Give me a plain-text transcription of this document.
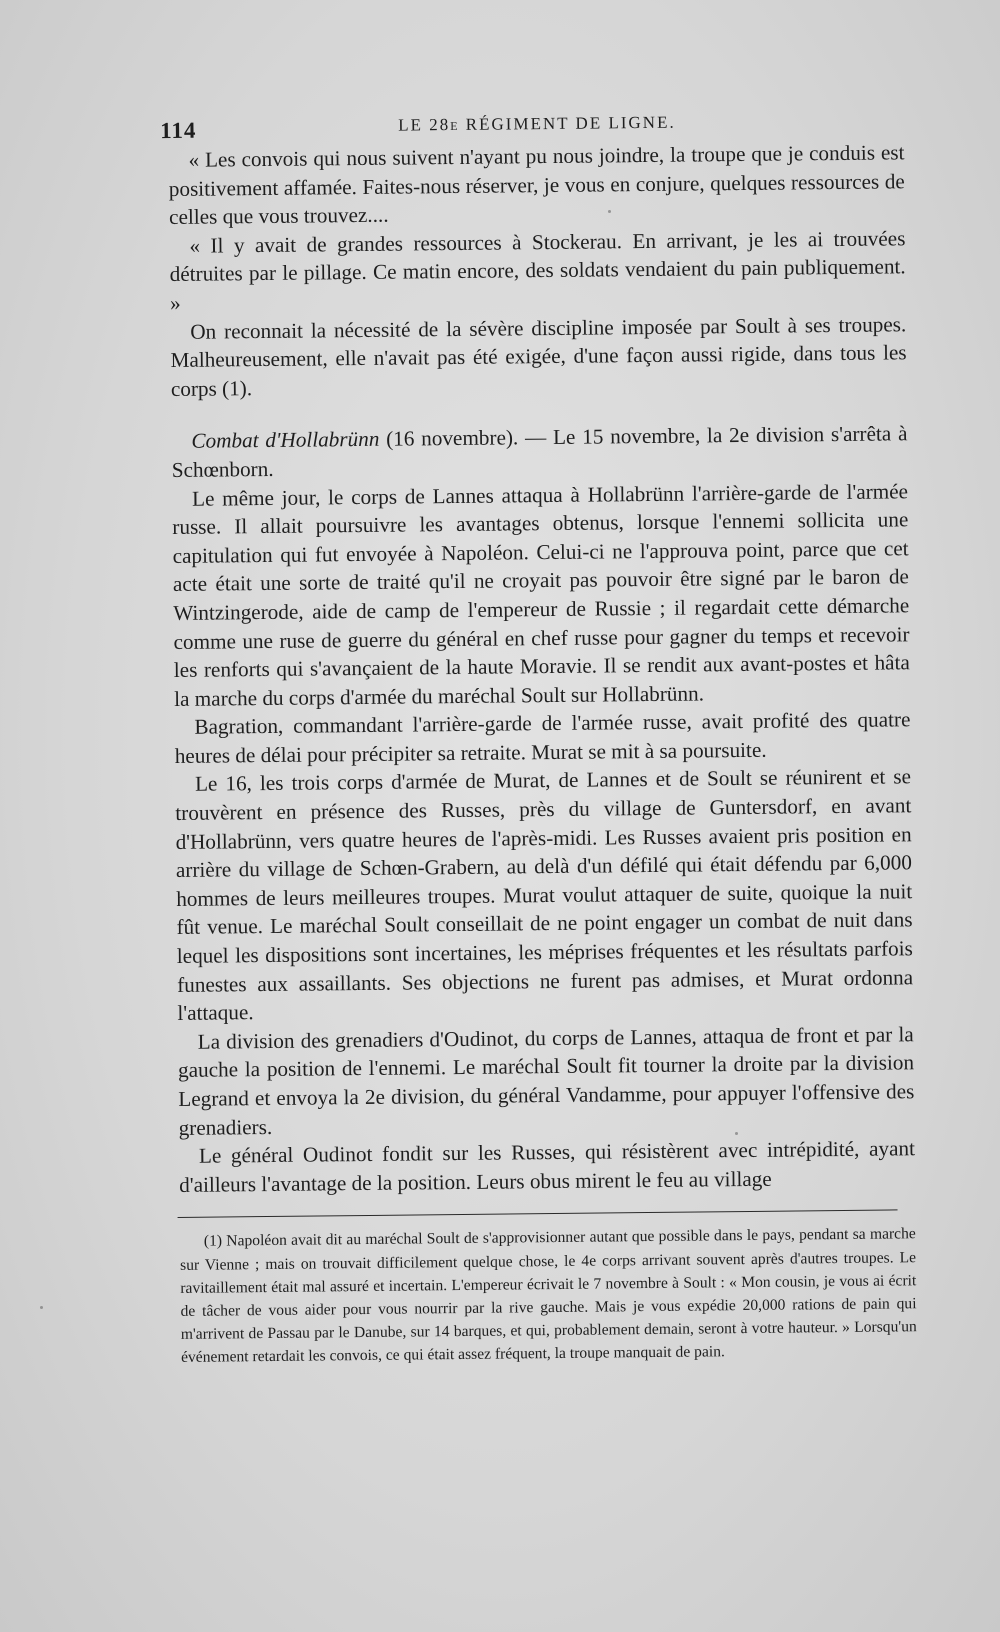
114	LE 28e RÉGIMENT DE LIGNE.

« Les convois qui nous suivent n'ayant pu nous joindre, la troupe que je conduis est positivement affamée. Faites-nous réserver, je vous en conjure, quelques ressources de celles que vous trouvez....

« Il y avait de grandes ressources à Stockerau. En arrivant, je les ai trouvées détruites par le pillage. Ce matin encore, des soldats vendaient du pain publiquement. »

On reconnait la nécessité de la sévère discipline imposée par Soult à ses troupes. Malheureusement, elle n'avait pas été exigée, d'une façon aussi rigide, dans tous les corps (1).

Combat d'Hollabrünn (16 novembre). — Le 15 novembre, la 2e division s'arrêta à Schœnborn.

Le même jour, le corps de Lannes attaqua à Hollabrünn l'arrière-garde de l'armée russe. Il allait poursuivre les avantages obtenus, lorsque l'ennemi sollicita une capitulation qui fut envoyée à Napoléon. Celui-ci ne l'approuva point, parce que cet acte était une sorte de traité qu'il ne croyait pas pouvoir être signé par le baron de Wintzingerode, aide de camp de l'empereur de Russie ; il regardait cette démarche comme une ruse de guerre du général en chef russe pour gagner du temps et recevoir les renforts qui s'avançaient de la haute Moravie. Il se rendit aux avant-postes et hâta la marche du corps d'armée du maréchal Soult sur Hollabrünn.

Bagration, commandant l'arrière-garde de l'armée russe, avait profité des quatre heures de délai pour précipiter sa retraite. Murat se mit à sa poursuite.

Le 16, les trois corps d'armée de Murat, de Lannes et de Soult se réunirent et se trouvèrent en présence des Russes, près du village de Guntersdorf, en avant d'Hollabrünn, vers quatre heures de l'après-midi. Les Russes avaient pris position en arrière du village de Schœn-Grabern, au delà d'un défilé qui était défendu par 6,000 hommes de leurs meilleures troupes. Murat voulut attaquer de suite, quoique la nuit fût venue. Le maréchal Soult conseillait de ne point engager un combat de nuit dans lequel les dispositions sont incertaines, les méprises fréquentes et les résultats parfois funestes aux assaillants. Ses objections ne furent pas admises, et Murat ordonna l'attaque.

La division des grenadiers d'Oudinot, du corps de Lannes, attaqua de front et par la gauche la position de l'ennemi. Le maréchal Soult fit tourner la droite par la division Legrand et envoya la 2e division, du général Vandamme, pour appuyer l'offensive des grenadiers.

Le général Oudinot fondit sur les Russes, qui résistèrent avec intrépidité, ayant d'ailleurs l'avantage de la position. Leurs obus mirent le feu au village

(1) Napoléon avait dit au maréchal Soult de s'approvisionner autant que possible dans le pays, pendant sa marche sur Vienne ; mais on trouvait difficilement quelque chose, le 4e corps arrivant souvent après d'autres troupes. Le ravitaillement était mal assuré et incertain. L'empereur écrivait le 7 novembre à Soult : « Mon cousin, je vous ai écrit de tâcher de vous aider pour vous nourrir par la rive gauche. Mais je vous expédie 20,000 rations de pain qui m'arrivent de Passau par le Danube, sur 14 barques, et qui, probablement demain, seront à votre hauteur. » Lorsqu'un événement retardait les convois, ce qui était assez fréquent, la troupe manquait de pain.
